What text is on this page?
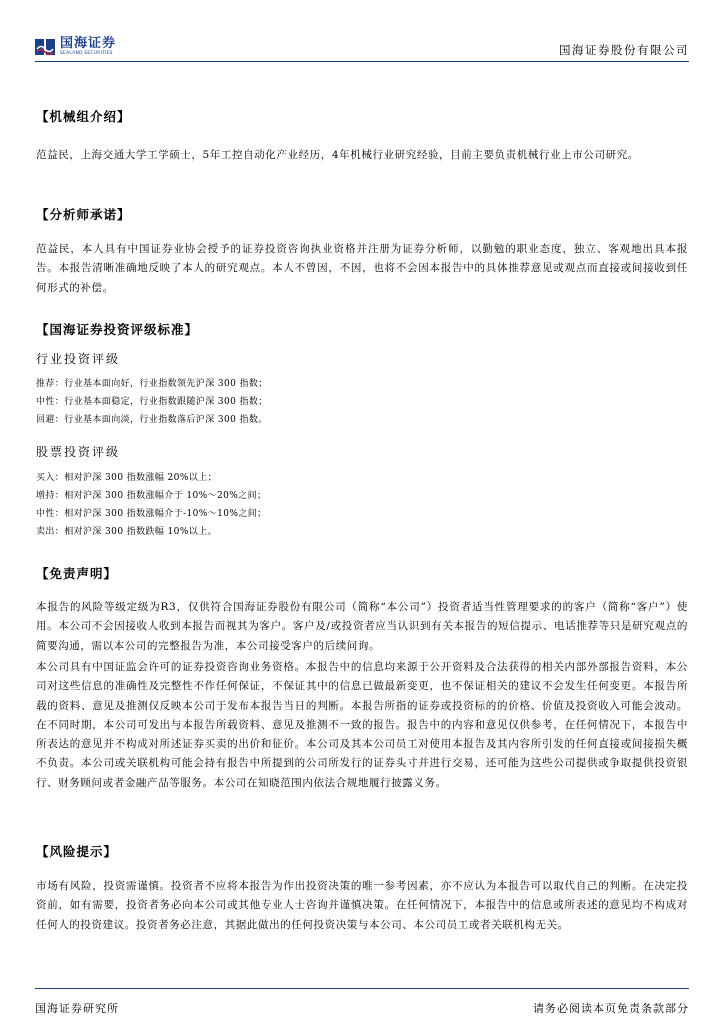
国海证券
SEALAND SECURITIES	国海证券股份有限公司
【机械组介绍】
范益民，上海交通大学工学硕士，5年工控自动化产业经历，4年机械行业研究经验，目前主要负责机械行业上市公司研究。
【分析师承诺】
范益民，本人具有中国证券业协会授予的证券投资咨询执业资格并注册为证券分析师，以勤勉的职业态度，独立、客观地出具本报告。本报告清晰准确地反映了本人的研究观点。本人不曾因，不因，也将不会因本报告中的具体推荐意见或观点而直接或间接收到任何形式的补偿。
【国海证券投资评级标准】
行业投资评级
推荐：行业基本面向好，行业指数领先沪深 300 指数；
中性：行业基本面稳定，行业指数跟随沪深 300 指数；
回避：行业基本面向淡，行业指数落后沪深 300 指数。
股票投资评级
买入：相对沪深 300 指数涨幅 20%以上；
增持：相对沪深 300 指数涨幅介于 10%～20%之间；
中性：相对沪深 300 指数涨幅介于-10%～10%之间；
卖出：相对沪深 300 指数跌幅 10%以上。
【免责声明】
本报告的风险等级定级为R3，仅供符合国海证券股份有限公司（简称“本公司”）投资者适当性管理要求的的客户（简称“客户”）使用。本公司不会因接收人收到本报告而视其为客户。客户及/或投资者应当认识到有关本报告的短信提示、电话推荐等只是研究观点的简要沟通，需以本公司的完整报告为准，本公司接受客户的后续问询。
本公司具有中国证监会许可的证券投资咨询业务资格。本报告中的信息均来源于公开资料及合法获得的相关内部外部报告资料，本公司对这些信息的准确性及完整性不作任何保证，不保证其中的信息已做最新变更，也不保证相关的建议不会发生任何变更。本报告所载的资料、意见及推测仅反映本公司于发布本报告当日的判断。本报告所指的证券或投资标的的价格、价值及投资收入可能会波动。在不同时期，本公司可发出与本报告所载资料、意见及推测不一致的报告。报告中的内容和意见仅供参考，在任何情况下，本报告中所表达的意见并不构成对所述证券买卖的出价和征价。本公司及其本公司员工对使用本报告及其内容所引发的任何直接或间接损失概不负责。本公司或关联机构可能会持有报告中所提到的公司所发行的证券头寸并进行交易，还可能为这些公司提供或争取提供投资银行、财务顾问或者金融产品等服务。本公司在知晓范围内依法合规地履行披露义务。
【风险提示】
市场有风险，投资需谨慎。投资者不应将本报告为作出投资决策的唯一参考因素，亦不应认为本报告可以取代自己的判断。在决定投资前，如有需要，投资者务必向本公司或其他专业人士咨询并谨慎决策。在任何情况下，本报告中的信息或所表述的意见均不构成对任何人的投资建议。投资者务必注意，其据此做出的任何投资决策与本公司、本公司员工或者关联机构无关。
国海证券研究所	请务必阅读本页免责条款部分
